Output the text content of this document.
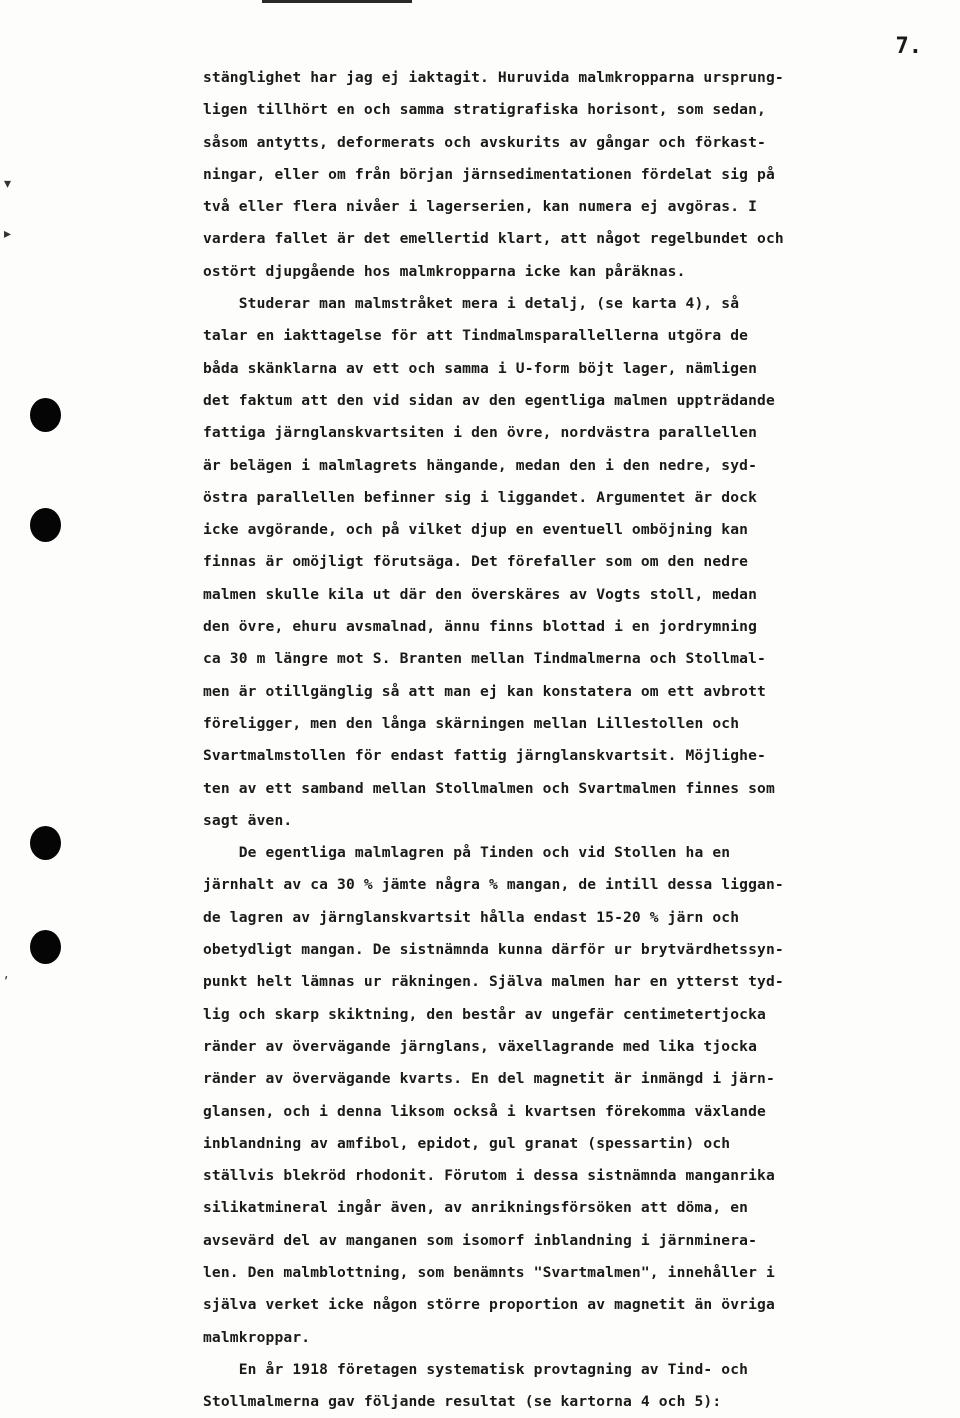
7.
▾
▸
,
stänglighet har jag ej iaktagit. Huruvida malmkropparna ursprung-
ligen tillhört en och samma stratigrafiska horisont, som sedan,
såsom antytts, deformerats och avskurits av gångar och förkast-
ningar, eller om från början järnsedimentationen fördelat sig på
två eller flera nivåer i lagerserien, kan numera ej avgöras. I
vardera fallet är det emellertid klart, att något regelbundet och
ostört djupgående hos malmkropparna icke kan påräknas.
Studerar man malmstråket mera i detalj, (se karta 4), så
talar en iakttagelse för att Tindmalmsparallellerna utgöra de
båda skänklarna av ett och samma i U-form böjt lager, nämligen
det faktum att den vid sidan av den egentliga malmen uppträdande
fattiga järnglanskvartsiten i den övre, nordvästra parallellen
är belägen i malmlagrets hängande, medan den i den nedre, syd-
östra parallellen befinner sig i liggandet. Argumentet är dock
icke avgörande, och på vilket djup en eventuell omböjning kan
finnas är omöjligt förutsäga. Det förefaller som om den nedre
malmen skulle kila ut där den överskäres av Vogts stoll, medan
den övre, ehuru avsmalnad, ännu finns blottad i en jordrymning
ca 30 m längre mot S. Branten mellan Tindmalmerna och Stollmal-
men är otillgänglig så att man ej kan konstatera om ett avbrott
föreligger, men den långa skärningen mellan Lillestollen och
Svartmalmstollen för endast fattig järnglanskvartsit. Möjlighe-
ten av ett samband mellan Stollmalmen och Svartmalmen finnes som
sagt även.
De egentliga malmlagren på Tinden och vid Stollen ha en
järnhalt av ca 30 % jämte några % mangan, de intill dessa liggan-
de lagren av järnglanskvartsit hålla endast 15-20 % järn och
obetydligt mangan. De sistnämnda kunna därför ur brytvärdhetssyn-
punkt helt lämnas ur räkningen. Själva malmen har en ytterst tyd-
lig och skarp skiktning, den består av ungefär centimetertjocka
ränder av övervägande järnglans, växellagrande med lika tjocka
ränder av övervägande kvarts. En del magnetit är inmängd i järn-
glansen, och i denna liksom också i kvartsen förekomma växlande
inblandning av amfibol, epidot, gul granat (spessartin) och
ställvis blekröd rhodonit. Förutom i dessa sistnämnda manganrika
silikatmineral ingår även, av anrikningsförsöken att döma, en
avsevärd del av manganen som isomorf inblandning i järnminera-
len. Den malmblottning, som benämnts "Svartmalmen", innehåller i
själva verket icke någon större proportion av magnetit än övriga
malmkroppar.
En år 1918 företagen systematisk provtagning av Tind- och
Stollmalmerna gav följande resultat (se kartorna 4 och 5):
